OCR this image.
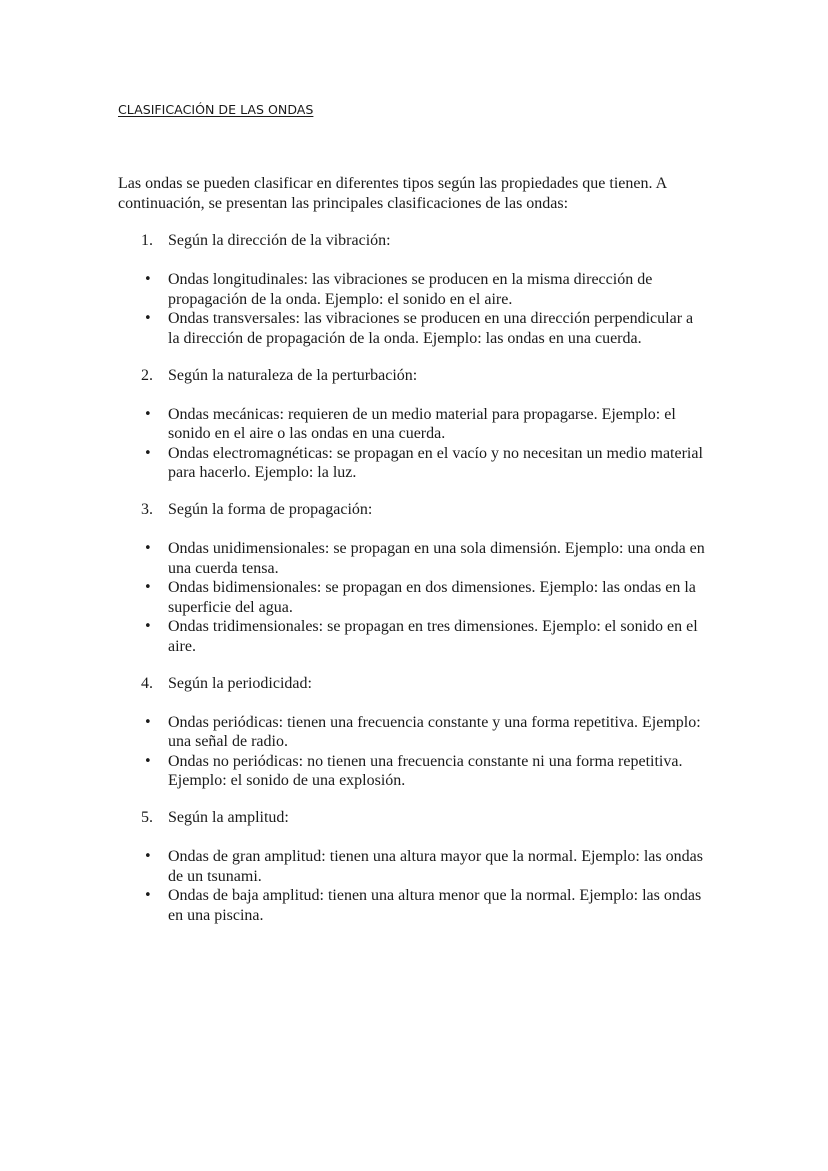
CLASIFICACIÓN DE LAS ONDAS

Las ondas se pueden clasificar en diferentes tipos según las propiedades que tienen. A continuación, se presentan las principales clasificaciones de las ondas:

1. Según la dirección de la vibración:
• Ondas longitudinales: las vibraciones se producen en la misma dirección de propagación de la onda. Ejemplo: el sonido en el aire.
• Ondas transversales: las vibraciones se producen en una dirección perpendicular a la dirección de propagación de la onda. Ejemplo: las ondas en una cuerda.
2. Según la naturaleza de la perturbación:
• Ondas mecánicas: requieren de un medio material para propagarse. Ejemplo: el sonido en el aire o las ondas en una cuerda.
• Ondas electromagnéticas: se propagan en el vacío y no necesitan un medio material para hacerlo. Ejemplo: la luz.
3. Según la forma de propagación:
• Ondas unidimensionales: se propagan en una sola dimensión. Ejemplo: una onda en una cuerda tensa.
• Ondas bidimensionales: se propagan en dos dimensiones. Ejemplo: las ondas en la superficie del agua.
• Ondas tridimensionales: se propagan en tres dimensiones. Ejemplo: el sonido en el aire.
4. Según la periodicidad:
• Ondas periódicas: tienen una frecuencia constante y una forma repetitiva. Ejemplo: una señal de radio.
• Ondas no periódicas: no tienen una frecuencia constante ni una forma repetitiva. Ejemplo: el sonido de una explosión.
5. Según la amplitud:
• Ondas de gran amplitud: tienen una altura mayor que la normal. Ejemplo: las ondas de un tsunami.
• Ondas de baja amplitud: tienen una altura menor que la normal. Ejemplo: las ondas en una piscina.
